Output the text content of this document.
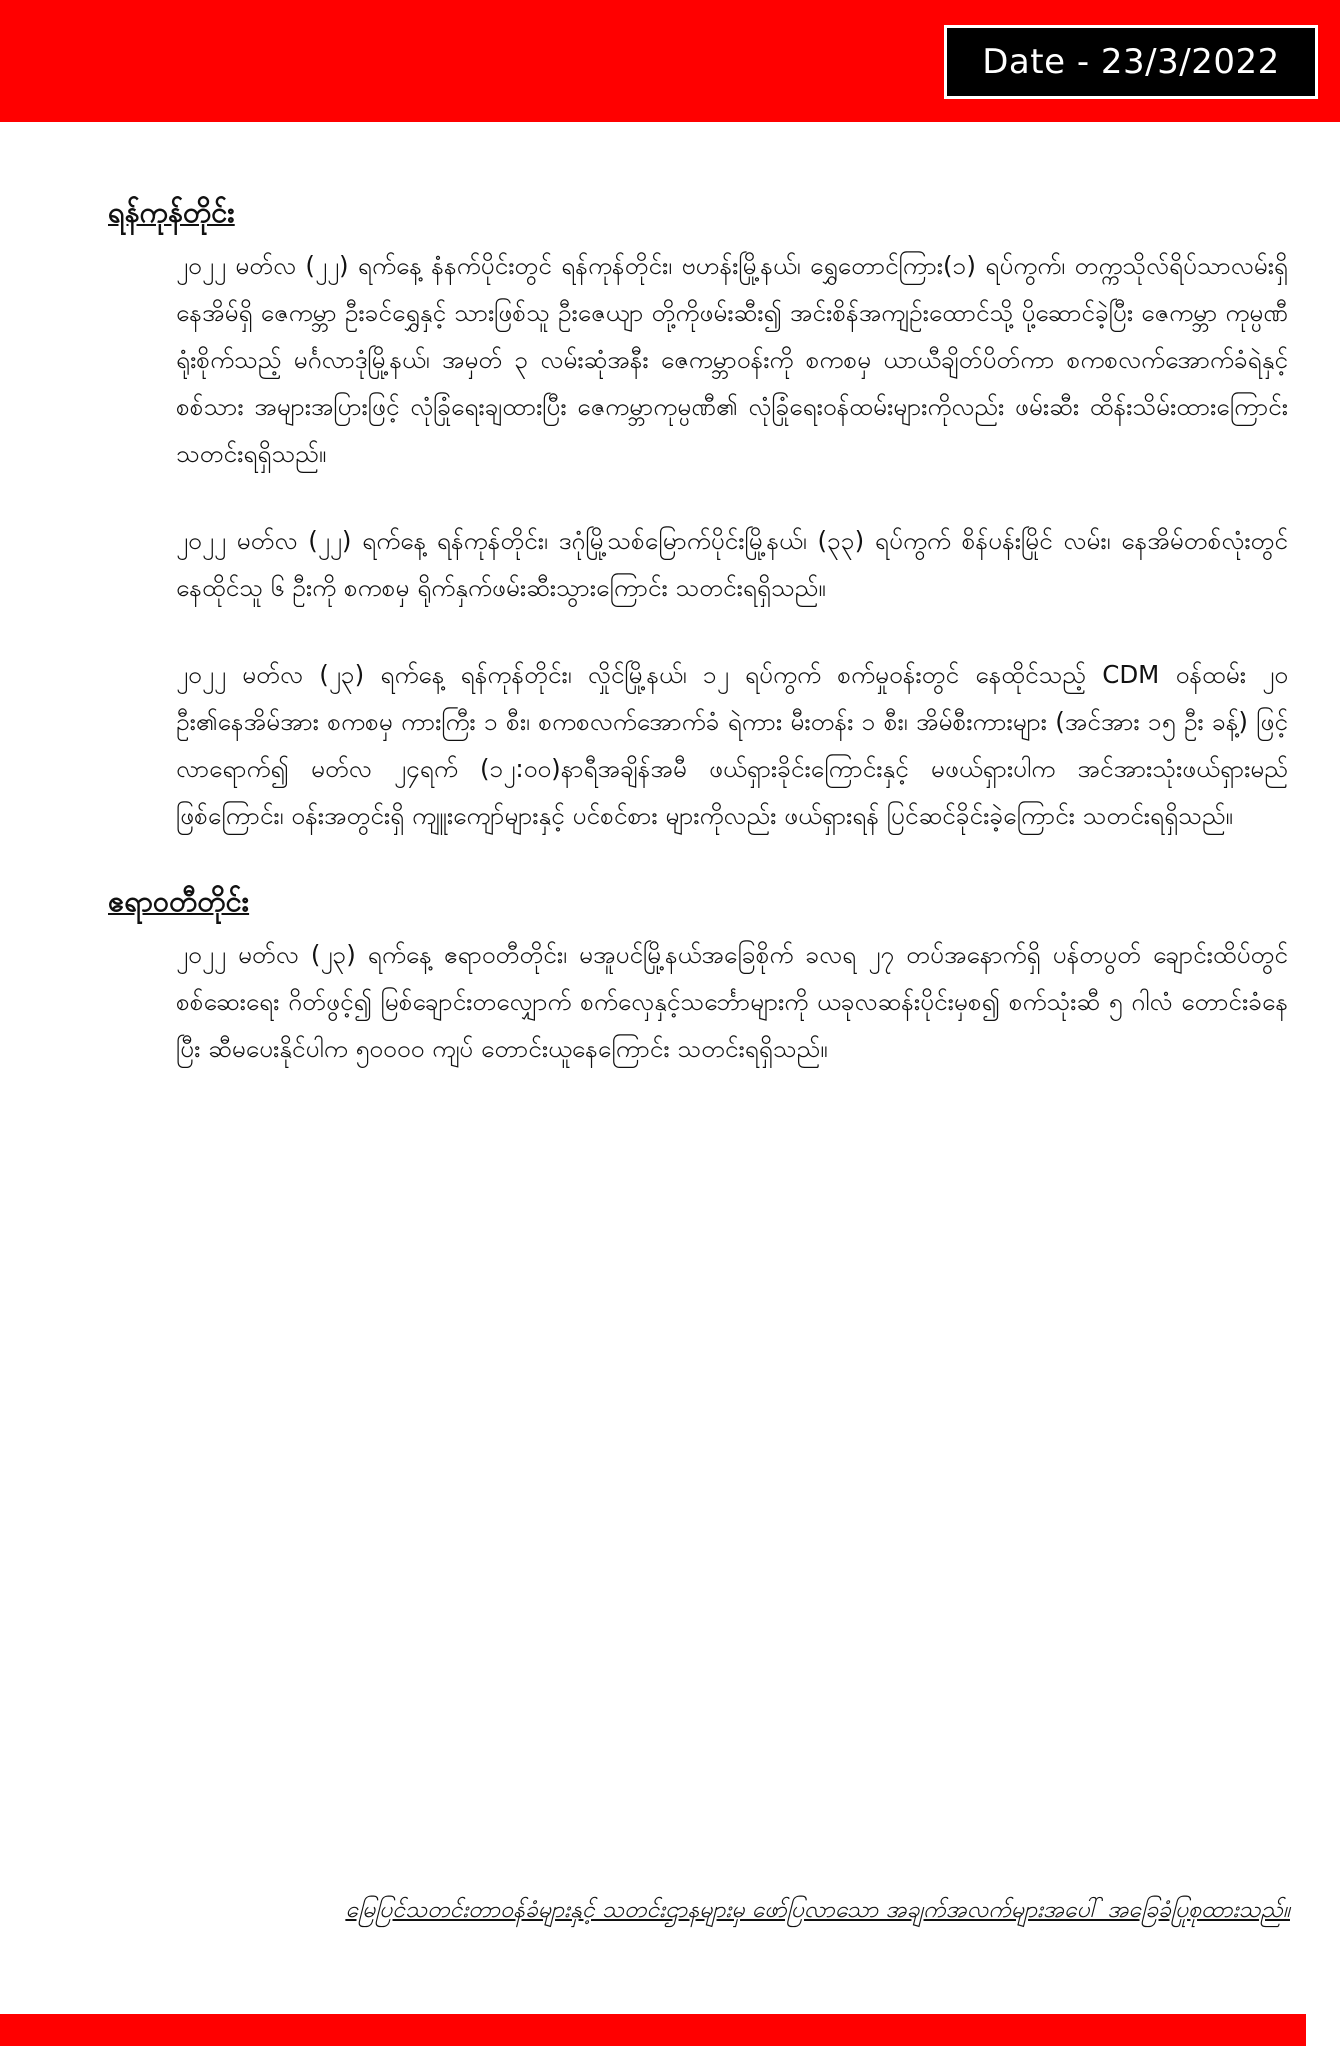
Date - 23/3/2022
ရန်ကုန်တိုင်း

၂၀၂၂ မတ်လ (၂၂) ရက်နေ့ နံနက်ပိုင်းတွင် ရန်ကုန်တိုင်း၊ ဗဟန်းမြို့နယ်၊ ရွှေတောင်ကြား(၁) ရပ်ကွက်၊ တက္ကသိုလ်ရိပ်သာလမ်းရှိနေအိမ်ရှိ ဇေကမ္ဘာ ဦးခင်ရွှေနှင့် သားဖြစ်သူ ဦးဇေယျာ တို့ကိုဖမ်းဆီး၍ အင်းစိန်အကျဉ်းထောင်သို့ ပို့ဆောင်ခဲ့ပြီး ဇေကမ္ဘာ ကုမ္ပဏီရုံးစိုက်သည့် မင်္ဂလာဒုံမြို့နယ်၊ အမှတ် ၃ လမ်းဆုံအနီး ဇေကမ္ဘာဝန်းကို စကစမှ ယာယီချိတ်ပိတ်ကာ စကစလက်အောက်ခံရဲနှင့်စစ်သား အများအပြားဖြင့် လုံခြုံရေးချထားပြီး ဇေကမ္ဘာကုမ္ပဏီ၏ လုံခြုံရေးဝန်ထမ်းများကိုလည်း ဖမ်းဆီး ထိန်းသိမ်းထားကြောင်း သတင်းရရှိသည်။

၂၀၂၂ မတ်လ (၂၂) ရက်နေ့ ရန်ကုန်တိုင်း၊ ဒဂုံမြို့သစ်မြောက်ပိုင်းမြို့နယ်၊ (၃၃) ရပ်ကွက် စိန်ပန်းမြိုင် လမ်း၊ နေအိမ်တစ်လုံးတွင် နေထိုင်သူ ၆ ဦးကို စကစမှ ရိုက်နှက်ဖမ်းဆီးသွားကြောင်း သတင်းရရှိသည်။

၂၀၂၂ မတ်လ (၂၃) ရက်နေ့ ရန်ကုန်တိုင်း၊ လှိုင်မြို့နယ်၊ ၁၂ ရပ်ကွက် စက်မှုဝန်းတွင် နေထိုင်သည့် CDM ဝန်ထမ်း ၂၀ ဦး၏နေအိမ်အား စကစမှ ကားကြီး ၁ စီး၊ စကစလက်အောက်ခံ ရဲကား မီးတန်း ၁ စီး၊ အိမ်စီးကားများ (အင်အား ၁၅ ဦး ခန့်) ဖြင့် လာရောက်၍ မတ်လ ၂၄ရက် (၁၂:၀၀)နာရီအချိန်အမီ ဖယ်ရှားခိုင်းကြောင်းနှင့် မဖယ်ရှားပါက အင်အားသုံးဖယ်ရှားမည်ဖြစ်ကြောင်း၊ ဝန်းအတွင်းရှိ ကျူးကျော်များနှင့် ပင်စင်စား များကိုလည်း ဖယ်ရှားရန် ပြင်ဆင်ခိုင်းခဲ့ကြောင်း သတင်းရရှိသည်။

ဧရာဝတီတိုင်း

၂၀၂၂ မတ်လ (၂၃) ရက်နေ့ ဧရာဝတီတိုင်း၊ မအူပင်မြို့နယ်အခြေစိုက် ခလရ ၂၇ တပ်အနောက်ရှိ ပန်တပွတ် ချောင်းထိပ်တွင် စစ်ဆေးရေး ဂိတ်ဖွင့်၍ မြစ်ချောင်းတလျှောက် စက်လှေနှင့်သင်္ဘောများကို ယခုလဆန်းပိုင်းမှစ၍ စက်သုံးဆီ ၅ ဂါလံ တောင်းခံနေပြီး ဆီမပေးနိုင်ပါက ၅၀၀၀၀ ကျပ် တောင်းယူနေကြောင်း သတင်းရရှိသည်။

မြေပြင်သတင်းတာဝန်ခံများနှင့် သတင်းဌာနများမှ ဖော်ပြလာသော အချက်အလက်များအပေါ် အခြေခံပြုစုထားသည်။
